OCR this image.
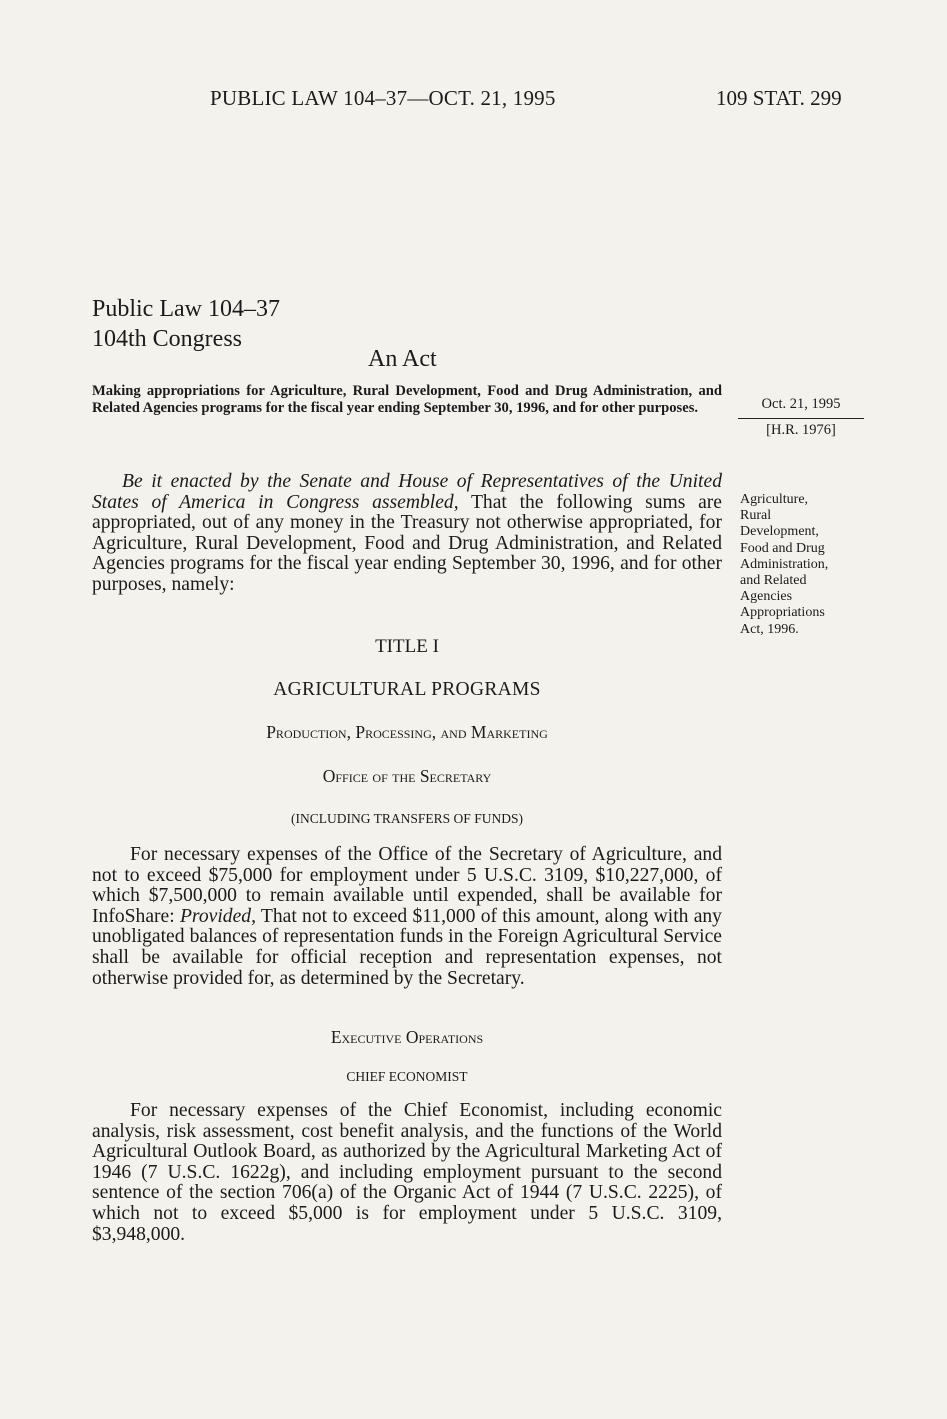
PUBLIC LAW 104–37—OCT. 21, 1995	109 STAT. 299
Public Law 104–37
104th Congress
An Act
Making appropriations for Agriculture, Rural Development, Food and Drug Administration, and Related Agencies programs for the fiscal year ending September 30, 1996, and for other purposes.	Oct. 21, 1995
[H.R. 1976]
Be it enacted by the Senate and House of Representatives of the United States of America in Congress assembled, That the following sums are appropriated, out of any money in the Treasury not otherwise appropriated, for Agriculture, Rural Development, Food and Drug Administration, and Related Agencies programs for the fiscal year ending September 30, 1996, and for other purposes, namely:
Agriculture,
Rural
Development,
Food and Drug
Administration,
and Related
Agencies
Appropriations
Act, 1996.
TITLE I
AGRICULTURAL PROGRAMS
Production, Processing, and Marketing
Office of the Secretary
(INCLUDING TRANSFERS OF FUNDS)
For necessary expenses of the Office of the Secretary of Agriculture, and not to exceed $75,000 for employment under 5 U.S.C. 3109, $10,227,000, of which $7,500,000 to remain available until expended, shall be available for InfoShare: Provided, That not to exceed $11,000 of this amount, along with any unobligated balances of representation funds in the Foreign Agricultural Service shall be available for official reception and representation expenses, not otherwise provided for, as determined by the Secretary.
Executive Operations
CHIEF ECONOMIST
For necessary expenses of the Chief Economist, including economic analysis, risk assessment, cost benefit analysis, and the functions of the World Agricultural Outlook Board, as authorized by the Agricultural Marketing Act of 1946 (7 U.S.C. 1622g), and including employment pursuant to the second sentence of the section 706(a) of the Organic Act of 1944 (7 U.S.C. 2225), of which not to exceed $5,000 is for employment under 5 U.S.C. 3109, $3,948,000.
